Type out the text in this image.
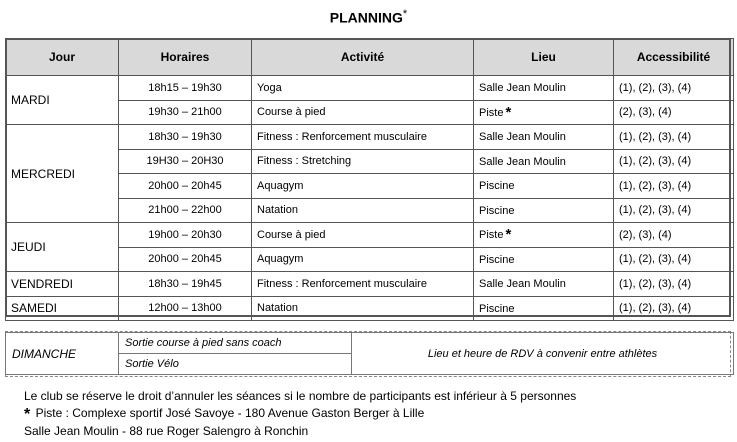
PLANNING*
Jour	Horaires	Activité	Lieu	Accessibilité
MARDI	18h15 – 19h30	Yoga	Salle Jean Moulin	(1), (2), (3), (4)
	19h30 – 21h00	Course à pied	Piste *	(2), (3), (4)
MERCREDI	18h30 – 19h30	Fitness : Renforcement musculaire	Salle Jean Moulin	(1), (2), (3), (4)
	19H30 – 20H30	Fitness : Stretching	Salle Jean Moulin	(1), (2), (3), (4)
	20h00 – 20h45	Aquagym	Piscine	(1), (2), (3), (4)
	21h00 – 22h00	Natation	Piscine	(1), (2), (3), (4)
JEUDI	19h00 – 20h30	Course à pied	Piste *	(2), (3), (4)
	20h00 – 20h45	Aquagym	Piscine	(1), (2), (3), (4)
VENDREDI	18h30 – 19h45	Fitness : Renforcement musculaire	Salle Jean Moulin	(1), (2), (3), (4)
SAMEDI	12h00 – 13h00	Natation	Piscine	(1), (2), (3), (4)
DIMANCHE	Sortie course à pied sans coach	Lieu et heure de RDV à convenir entre athlètes
Sortie Vélo
Le club se réserve le droit d’annuler les séances si le nombre de participants est inférieur à 5 personnes
* Piste : Complexe sportif José Savoye - 180 Avenue Gaston Berger à Lille
Salle Jean Moulin - 88 rue Roger Salengro à Ronchin
